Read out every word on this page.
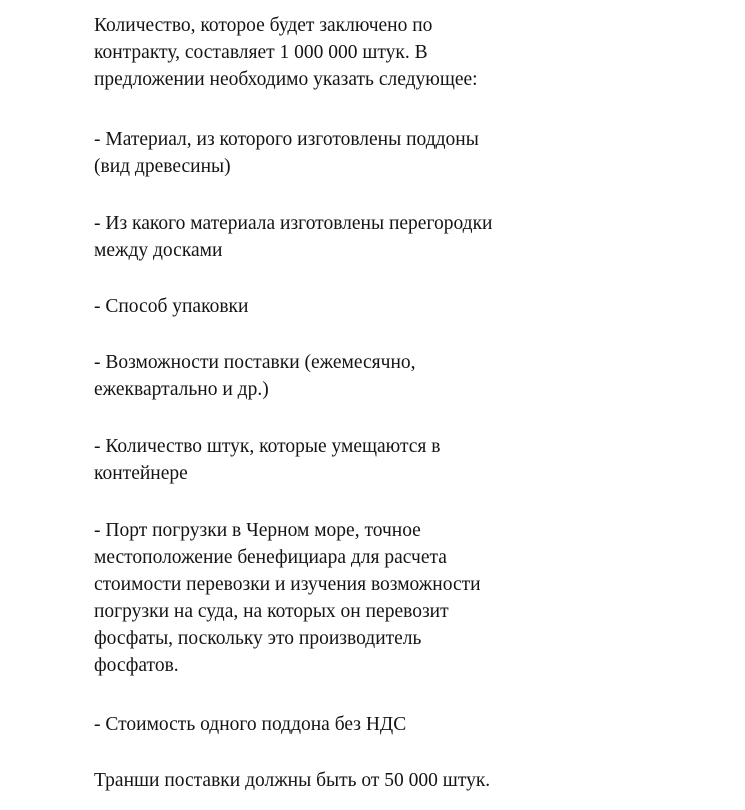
Количество, которое будет заключено по
контракту, составляет 1 000 000 штук. В
предложении необходимо указать следующее:

- Материал, из которого изготовлены поддоны
(вид древесины)

- Из какого материала изготовлены перегородки
между досками

- Способ упаковки

- Возможности поставки (ежемесячно,
ежеквартально и др.)

- Количество штук, которые умещаются в
контейнере

- Порт погрузки в Черном море, точное
местоположение бенефициара для расчета
стоимости перевозки и изучения возможности
погрузки на суда, на которых он перевозит
фосфаты, поскольку это производитель
фосфатов.

- Стоимость одного поддона без НДС

Транши поставки должны быть от 50 000 штук.
